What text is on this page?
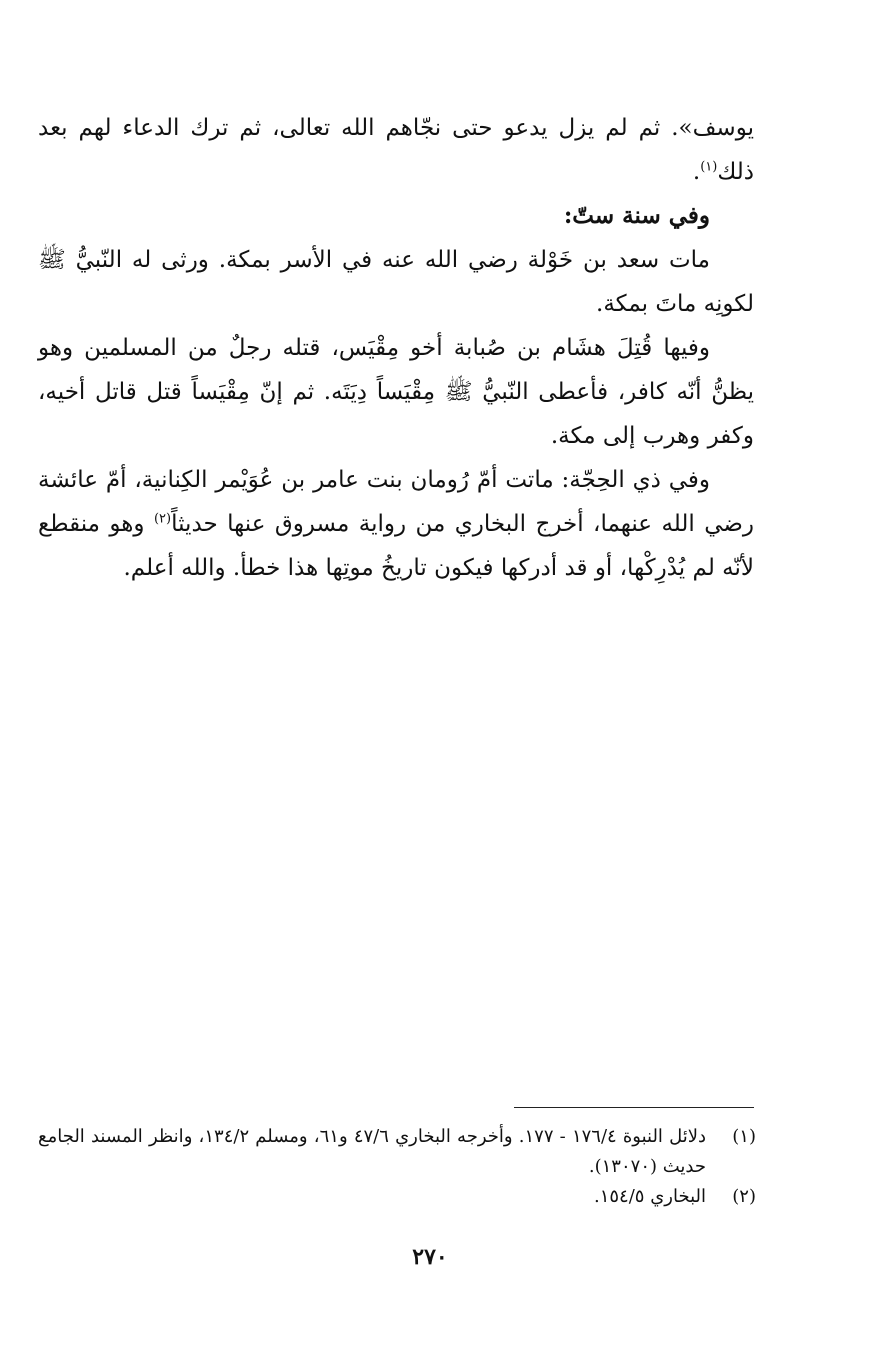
يوسف». ثم لم يزل يدعو حتى نجّاهم الله تعالى، ثم ترك الدعاء لهم بعد ذلك$^{(١)}$.

وفي سنة ستّ:

مات سعد بن خَوْلة رضي الله عنه في الأسر بمكة. ورثى له النّبيُّ ﷺ لكونِه ماتَ بمكة.

وفيها قُتِلَ هشَام بن صُبابة أخو مِقْيَس، قتله رجلٌ من المسلمين وهو يظنُّ أنّه كافر، فأعطى النّبيُّ ﷺ مِقْيَساً دِيَتَه. ثم إنّ مِقْيَساً قتل قاتل أخيه، وكفر وهرب إلى مكة.

وفي ذي الحِجّة: ماتت أمّ رُومان بنت عامر بن عُوَيْمر الكِنانية، أمّ عائشة رضي الله عنهما، أخرج البخاري من رواية مسروق عنها حديثاً$^{(٢)}$ وهو منقطع لأنّه لم يُدْرِكْها، أو قد أدركها فيكون تاريخُ موتِها هذا خطأ. والله أعلم.

(١)
دلائل النبوة ١٧٦/٤ - ١٧٧. وأخرجه البخاري ٤٧/٦ و٦١، ومسلم ١٣٤/٢، وانظر المسند الجامع حديث (١٣٠٧٠).
(٢)
البخاري ١٥٤/٥.
٢٧٠
